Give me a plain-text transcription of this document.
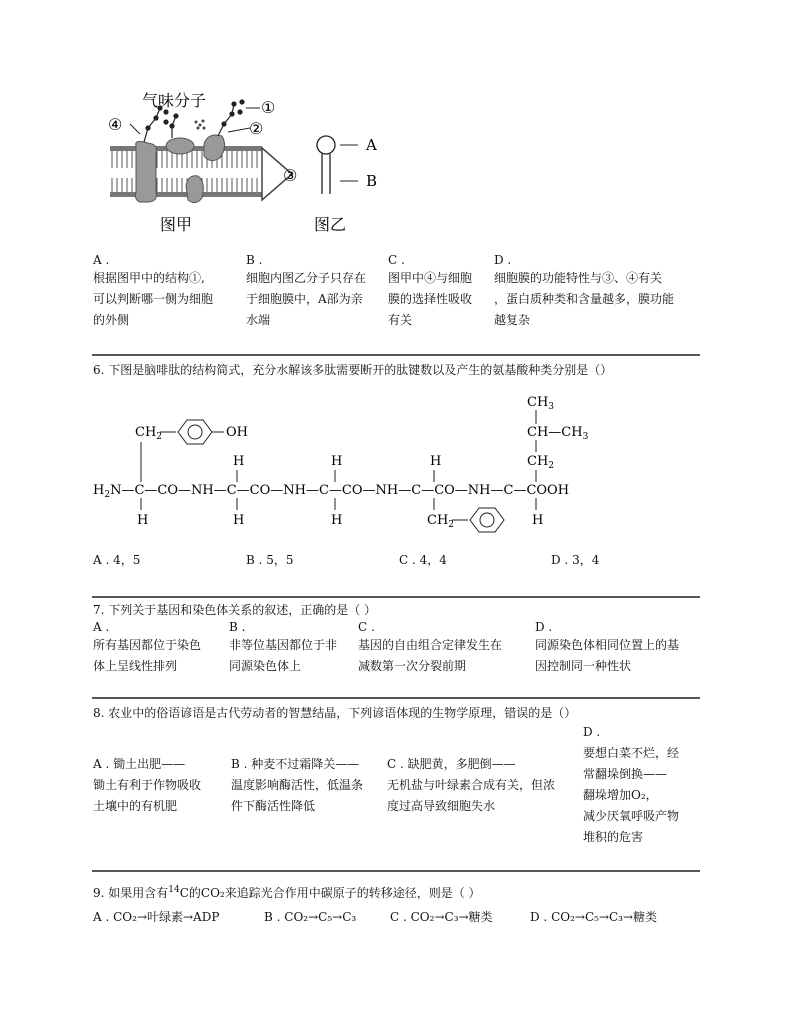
气味分子	①
②
③
④
A
B
图甲	图乙
A .
根据图甲中的结构①,
可以判断哪一侧为细胞
的外侧
B .
细胞内图乙分子只存在
于细胞膜中，A部为亲
水端
C .
图甲中④与细胞
膜的选择性吸收
有关
D .
细胞膜的功能特性与③、④有关
，蛋白质种类和含量越多，膜功能
越复杂
6. 下图是脑啡肽的结构简式，充分水解该多肽需要断开的肽键数以及产生的氨基酸种类分别是（）
$CH_3$
$CH—CH_3$
$CH_2$
$CH_2$	OH
H	H	H
$H_2N—C—CO—NH—C—CO—NH—C—CO—NH—C—CO—NH—C—COOH$
H	H	H	H
$CH_2$
A . 4，5	B . 5，5	C . 4，4	D . 3，4
7. 下列关于基因和染色体关系的叙述，正确的是（ ）
A .
所有基因都位于染色
体上呈线性排列
B .
非等位基因都位于非
同源染色体上
C .
基因的自由组合定律发生在
减数第一次分裂前期
D .
同源染色体相同位置上的基
因控制同一种性状
8. 农业中的俗语谚语是古代劳动者的智慧结晶，下列谚语体现的生物学原理，错误的是（）
A . 锄土出肥——
锄土有利于作物吸收
土壤中的有机肥
B . 种麦不过霜降关——
温度影响酶活性，低温条
件下酶活性降低
C . 缺肥黄，多肥倒——
无机盐与叶绿素合成有关，但浓
度过高导致细胞失水
D .
要想白菜不烂，经
常翻垛倒换——
翻垛增加O₂，
减少厌氧呼吸产物
堆积的危害
9. 如果用含有$^{14}$C的CO₂来追踪光合作用中碳原子的转移途径，则是（ ）
A . CO₂→叶绿素→ADP	B . CO₂→C₅→C₃	C . CO₂→C₃→糖类	D . CO₂→C₅→C₃→糖类
